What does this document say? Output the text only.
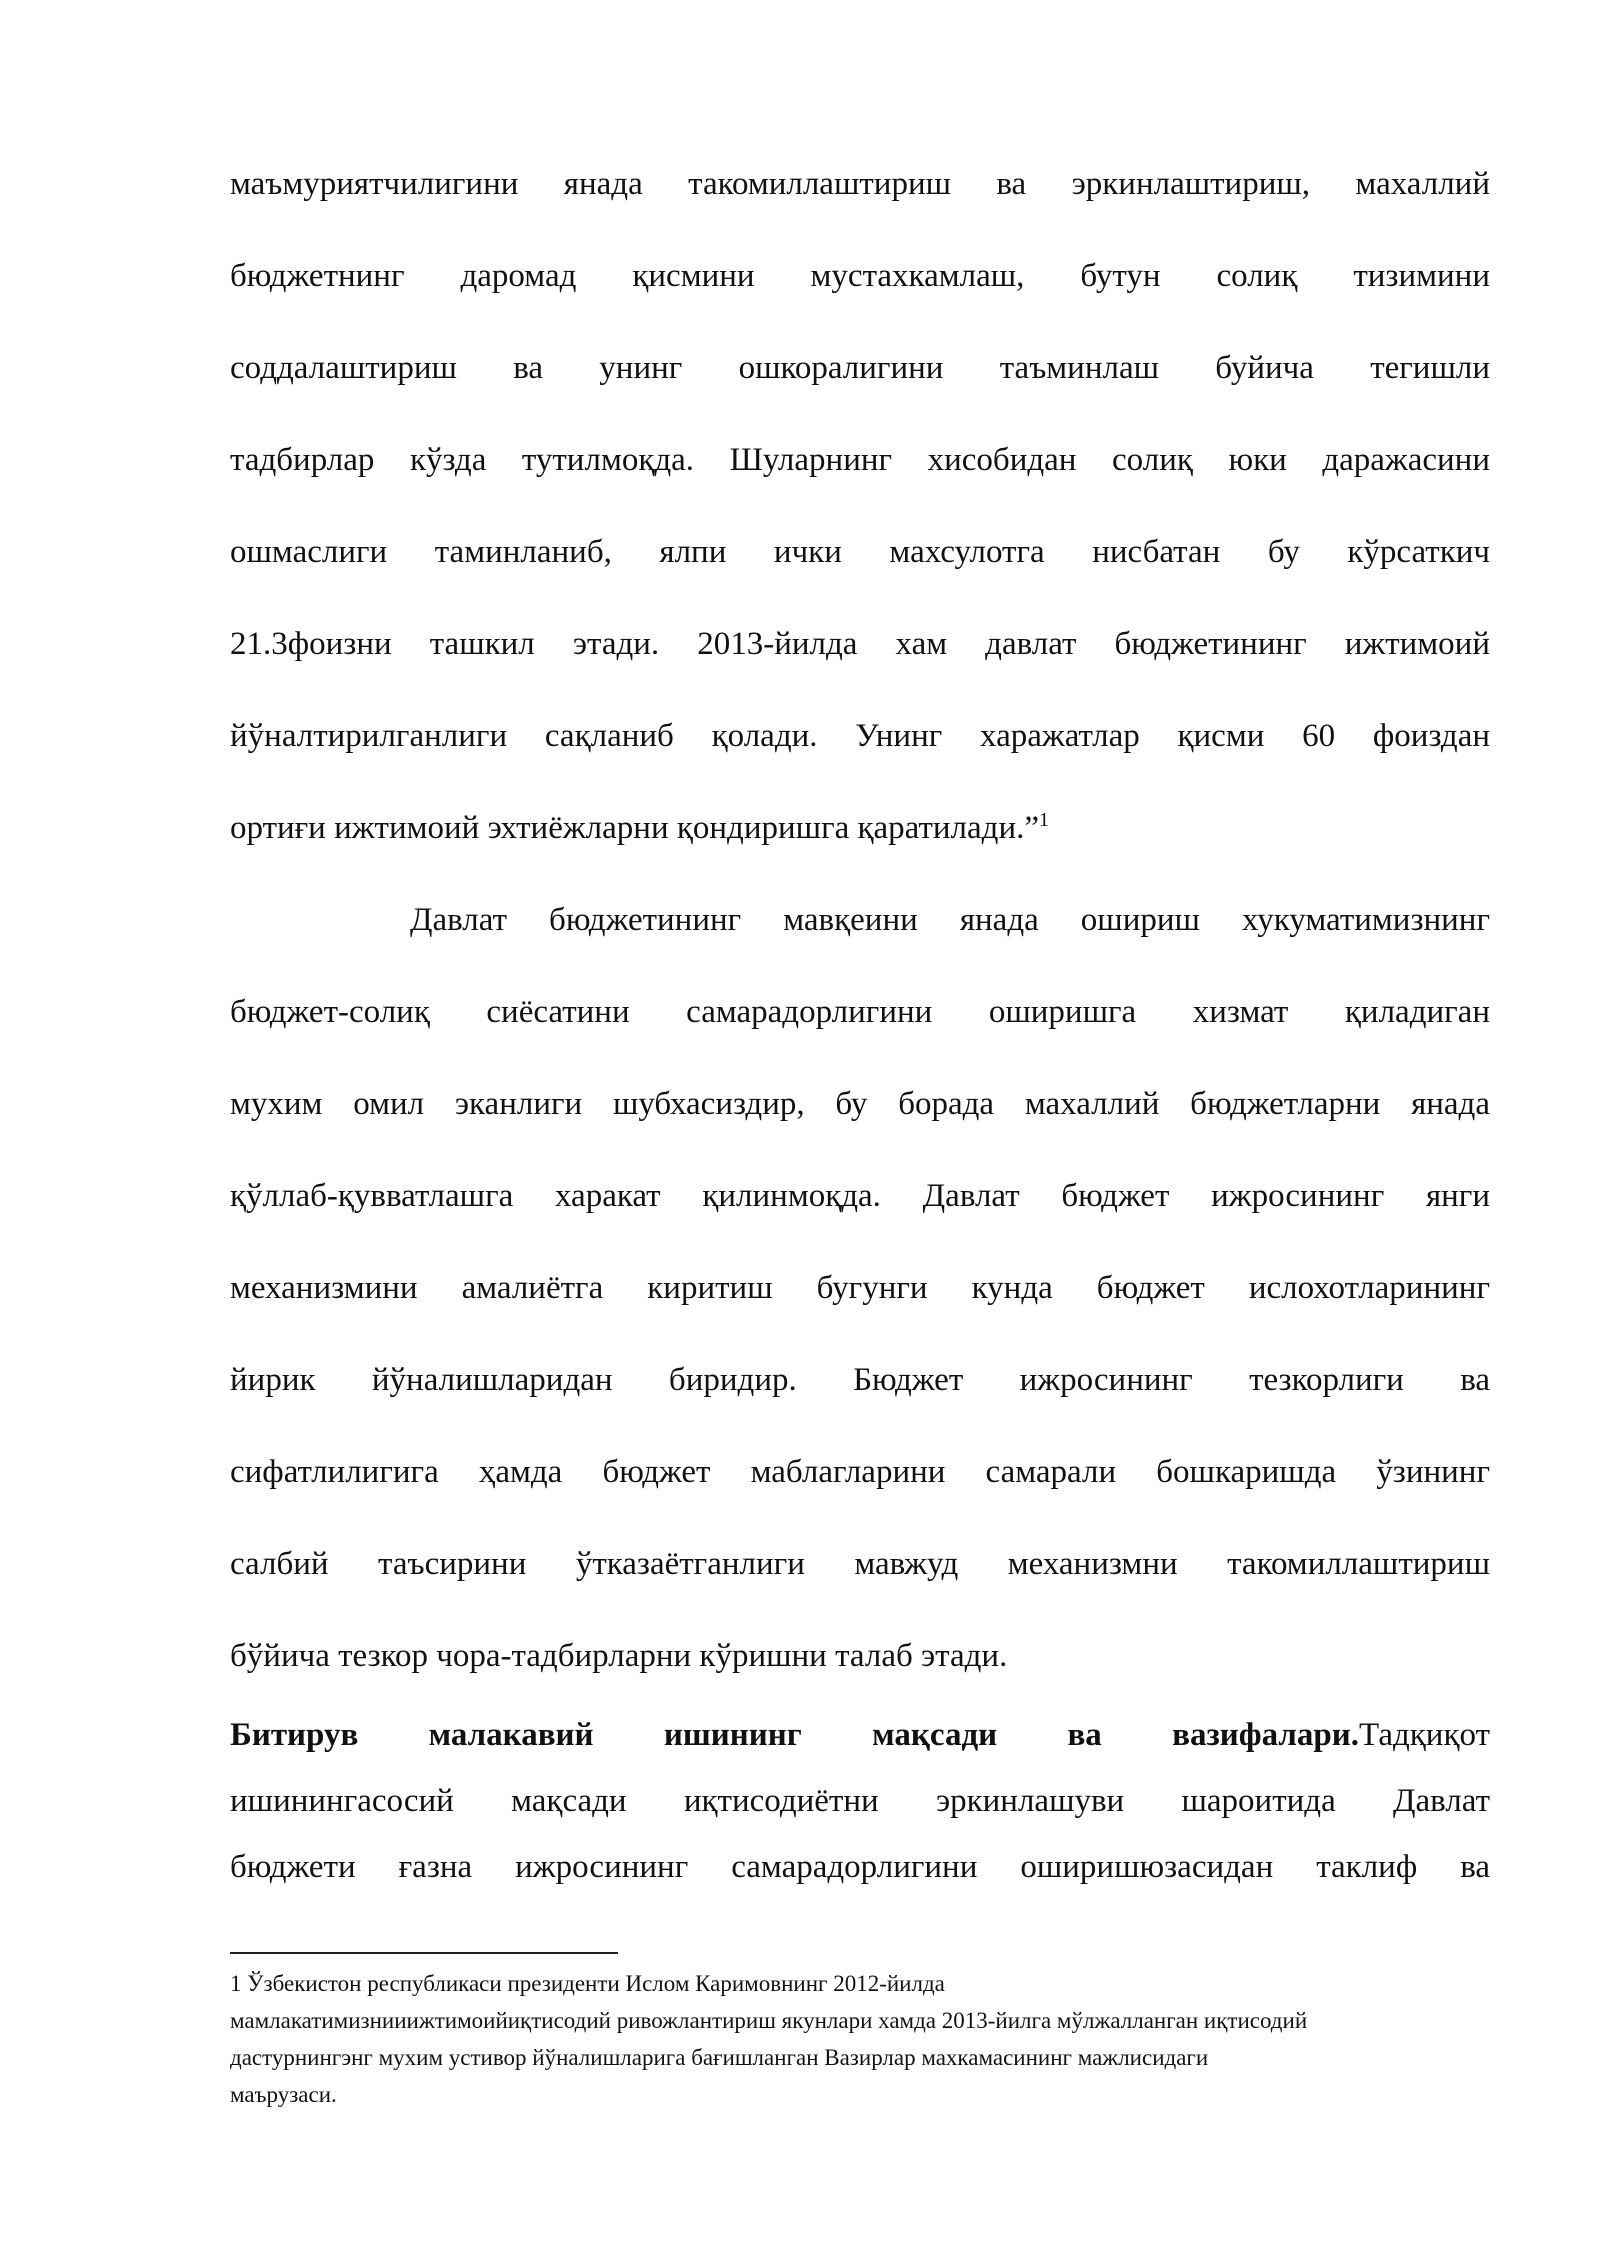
маъмуриятчилигини янада такомиллаштириш ва эркинлаштириш, махаллий

бюджетнинг даромад қисмини мустахкамлаш, бутун солиқ тизимини

соддалаштириш ва унинг ошкоралигини таъминлаш буйича тегишли

тадбирлар кўзда тутилмоқда. Шуларнинг хисобидан солиқ юки даражасини

ошмаслиги таминланиб, ялпи ички махсулотга нисбатан бу кўрсаткич

21.3фоизни ташкил этади. 2013-йилда хам давлат бюджетининг ижтимоий

йўналтирилганлиги сақланиб қолади. Унинг харажатлар қисми 60 фоиздан

ортиғи ижтимоий эхтиёжларни қондиришга қаратилади.”$^1$

Давлат бюджетининг мавқеини янада ошириш хукуматимизнинг

бюджет-солиқ сиёсатини самарадорлигини оширишга хизмат қиладиган

мухим омил эканлиги шубхасиздир, бу борада махаллий бюджетларни янада

қўллаб-қувватлашга харакат қилинмоқда. Давлат бюджет ижросининг янги

механизмини амалиётга киритиш бугунги кунда бюджет ислохотларининг

йирик йўналишларидан биридир. Бюджет ижросининг тезкорлиги ва

сифатлилигига ҳамда бюджет маблагларини самарали бошкаришда ўзининг

салбий таъсирини ўтказаётганлиги мавжуд механизмни такомиллаштириш

бўйича тезкор чора-тадбирларни кўришни талаб этади.

Битирув малакавий ишининг мақсади ва вазифалари.Тадқиқот

ишинингасосий мақсади иқтисодиётни эркинлашуви шароитида Давлат

бюджети ғазна ижросининг самарадорлигини оширишюзасидан таклиф ва

1 Ўзбекистон республикаси президенти Ислом Каримовнинг 2012-йилда
мамлакатимизнииижтимоийиқтисодий ривожлантириш якунлари хамда 2013-йилга мўлжалланган иқтисодий
дастурнингэнг мухим устивор йўналишларига бағишланган Вазирлар махкамасининг мажлисидаги
маърузаси.
